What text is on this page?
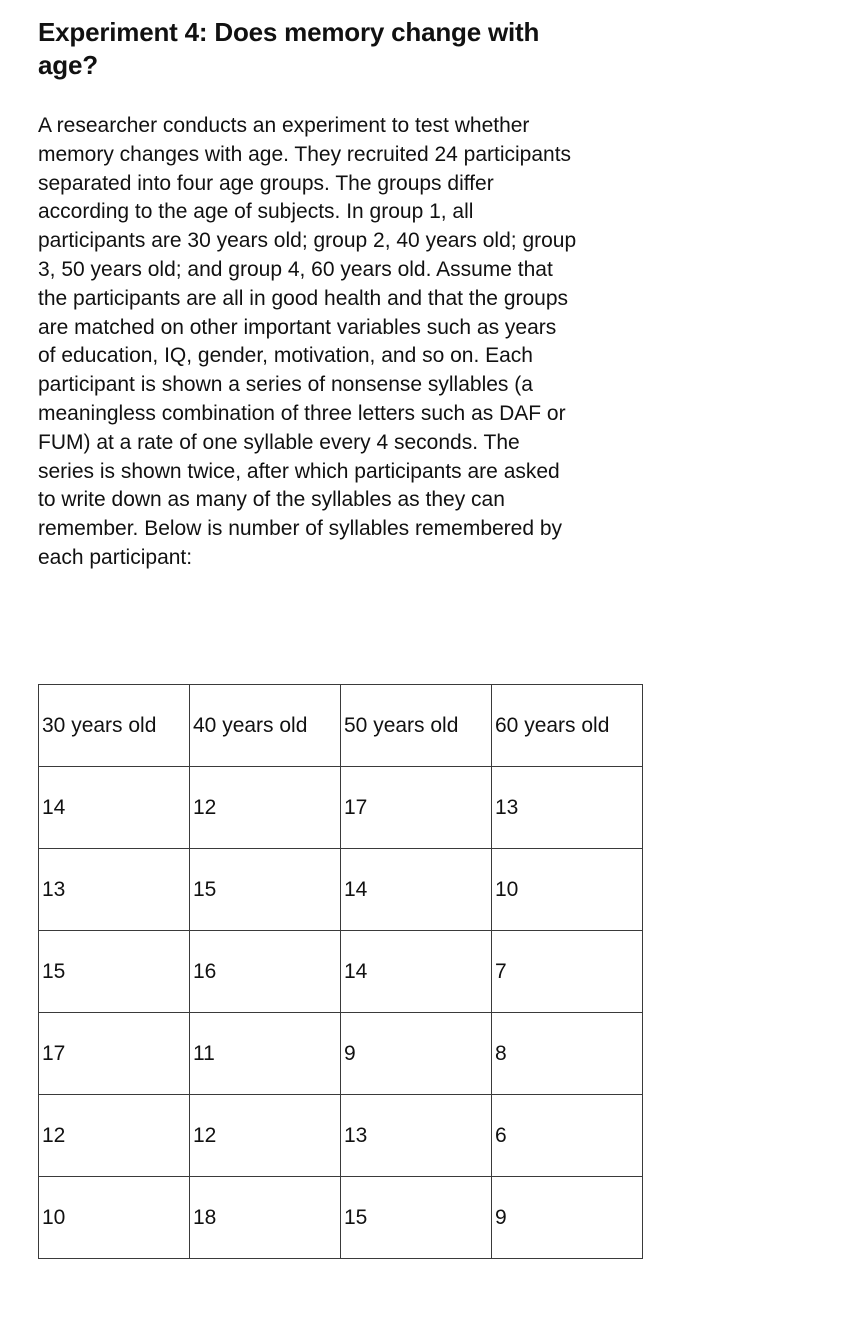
Experiment 4: Does memory change with age?

A researcher conducts an experiment to test whether memory changes with age. They recruited 24 participants separated into four age groups. The groups differ according to the age of subjects. In group 1, all participants are 30 years old; group 2, 40 years old; group 3, 50 years old; and group 4, 60 years old. Assume that the participants are all in good health and that the groups are matched on other important variables such as years of education, IQ, gender, motivation, and so on. Each participant is shown a series of nonsense syllables (a meaningless combination of three letters such as DAF or FUM) at a rate of one syllable every 4 seconds. The series is shown twice, after which participants are asked to write down as many of the syllables as they can remember. Below is number of syllables remembered by each participant:

30 years old	40 years old	50 years old	60 years old
14	12	17	13
13	15	14	10
15	16	14	7
17	11	9	8
12	12	13	6
10	18	15	9
